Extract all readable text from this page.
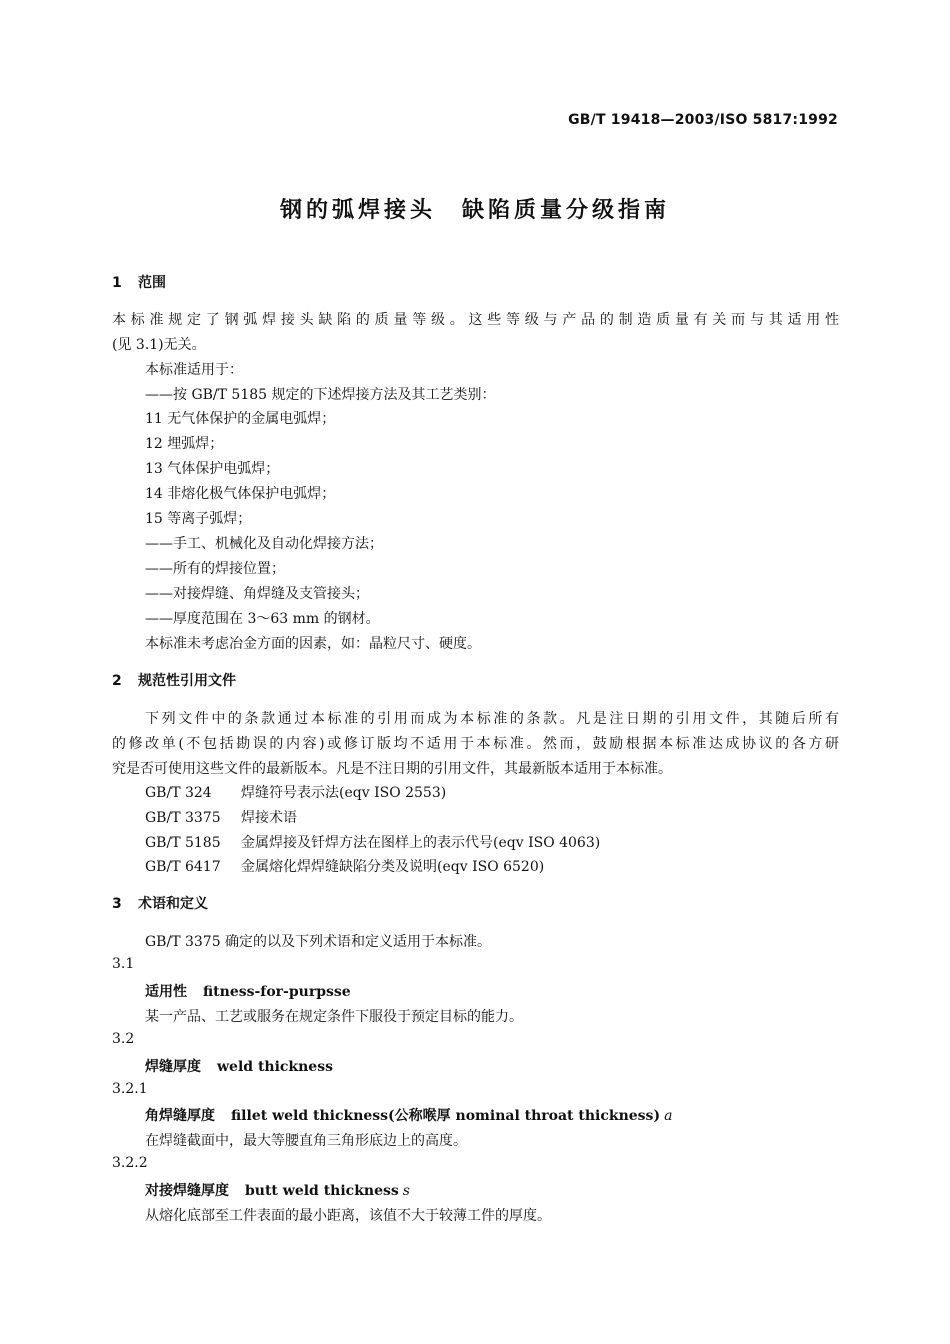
GB/T 19418—2003/ISO 5817:1992
钢的弧焊接头　缺陷质量分级指南
1 范围
本标准规定了钢弧焊接头缺陷的质量等级。这些等级与产品的制造质量有关而与其适用性
(见 3.1)无关。
本标准适用于：
——按 GB/T 5185 规定的下述焊接方法及其工艺类别：
11 无气体保护的金属电弧焊；
12 埋弧焊；
13 气体保护电弧焊；
14 非熔化极气体保护电弧焊；
15 等离子弧焊；
——手工、机械化及自动化焊接方法；
——所有的焊接位置；
——对接焊缝、角焊缝及支管接头；
——厚度范围在 3～63 mm 的钢材。
本标准未考虑冶金方面的因素，如：晶粒尺寸、硬度。
2 规范性引用文件
下列文件中的条款通过本标准的引用而成为本标准的条款。凡是注日期的引用文件，其随后所有
的修改单(不包括勘误的内容)或修订版均不适用于本标准。然而，鼓励根据本标准达成协议的各方研
究是否可使用这些文件的最新版本。凡是不注日期的引用文件，其最新版本适用于本标准。
GB/T 324 焊缝符号表示法(eqv ISO 2553)
GB/T 3375 焊接术语
GB/T 5185 金属焊接及钎焊方法在图样上的表示代号(eqv ISO 4063)
GB/T 6417 金属熔化焊焊缝缺陷分类及说明(eqv ISO 6520)
3 术语和定义
GB/T 3375 确定的以及下列术语和定义适用于本标准。
3.1
适用性 fitness-for-purpsse
某一产品、工艺或服务在规定条件下服役于预定目标的能力。
3.2
焊缝厚度 weld thickness
3.2.1
角焊缝厚度 fillet weld thickness(公称喉厚 nominal throat thickness) a
在焊缝截面中，最大等腰直角三角形底边上的高度。
3.2.2
对接焊缝厚度 butt weld thickness s
从熔化底部至工件表面的最小距离，该值不大于较薄工件的厚度。
